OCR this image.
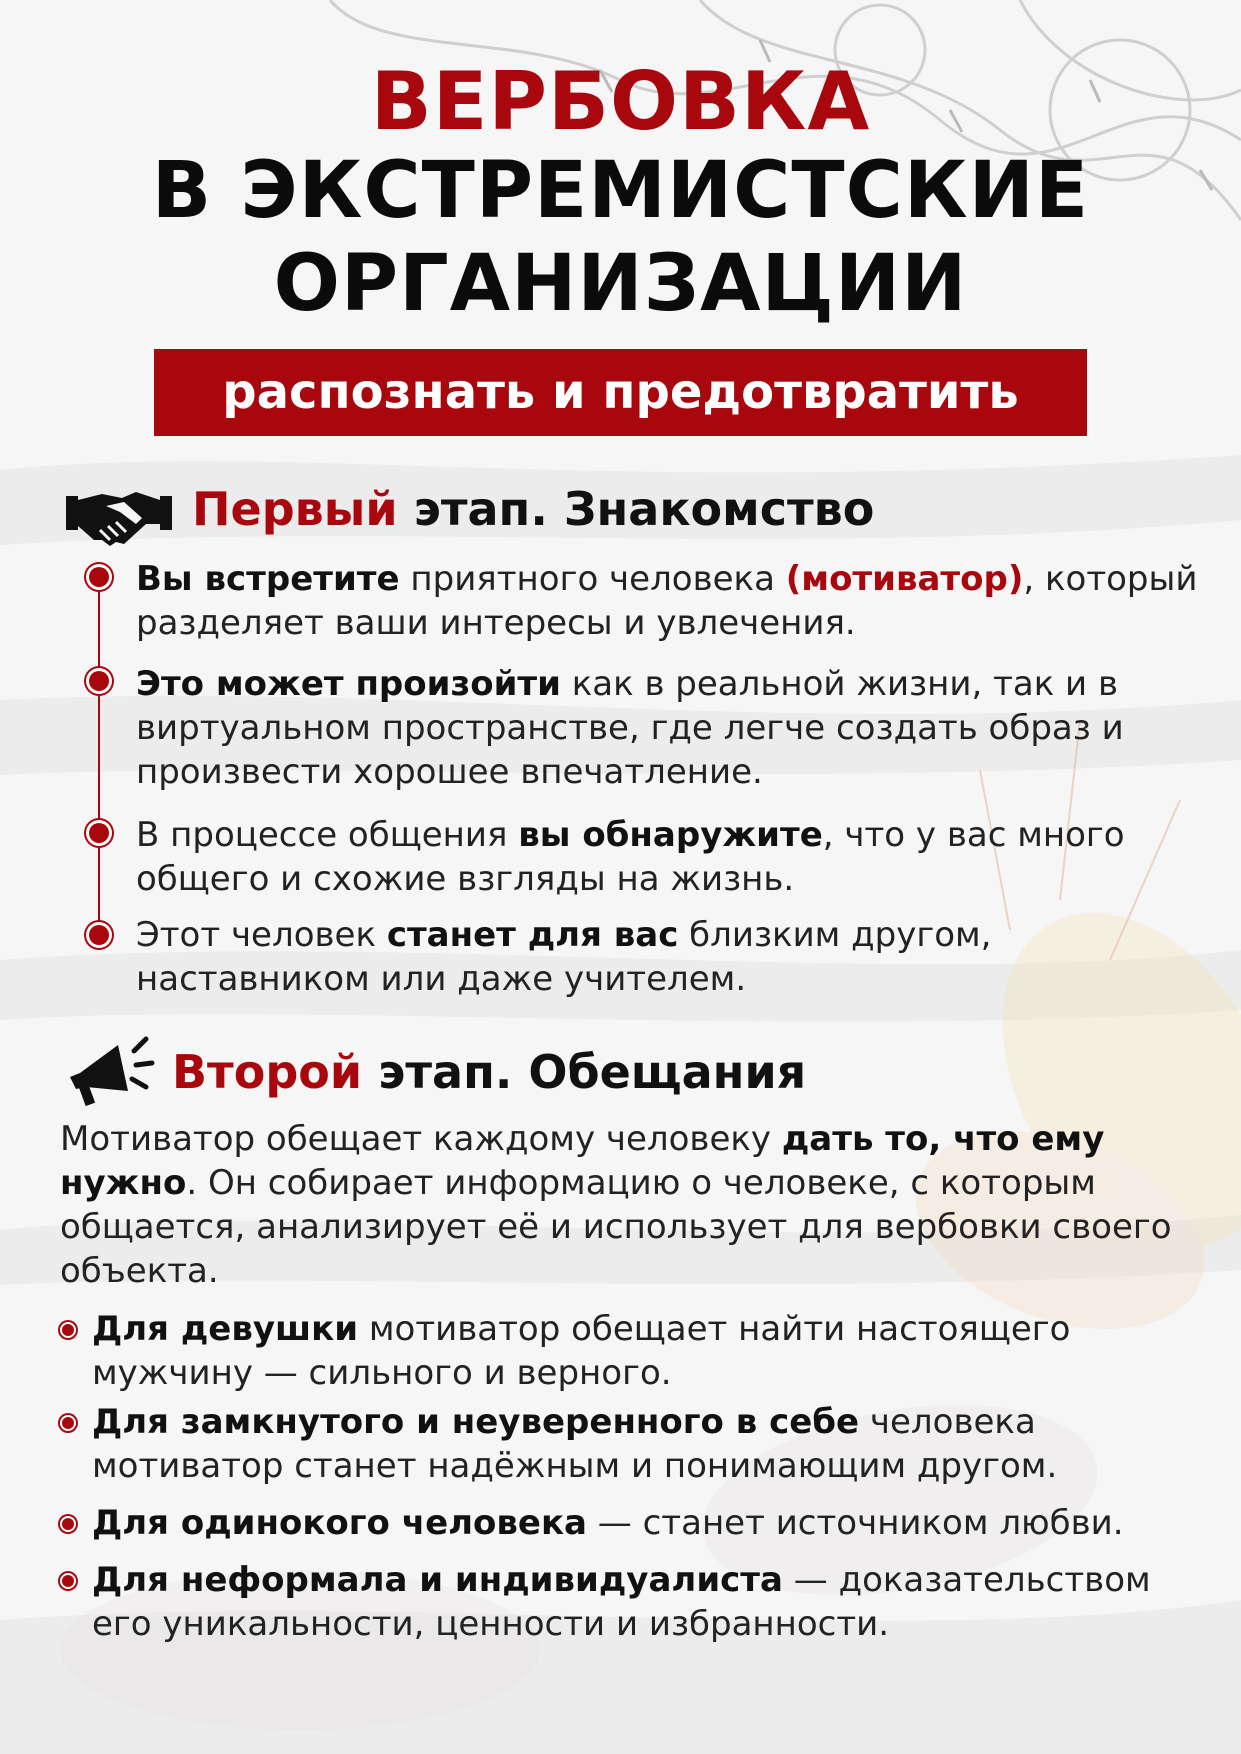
ВЕРБОВКА
В ЭКСТРЕМИСТСКИЕ
ОРГАНИЗАЦИИ
распознать и предотвратить
Первый этап. Знакомство
Вы встретите приятного человека (мотиватор), который разделяет ваши интересы и увлечения.
Это может произойти как в реальной жизни, так и в виртуальном пространстве, где легче создать образ и произвести хорошее впечатление.
В процессе общения вы обнаружите, что у вас много общего и схожие взгляды на жизнь.
Этот человек станет для вас близким другом, наставником или даже учителем.
Второй этап. Обещания
Мотиватор обещает каждому человеку дать то, что ему нужно. Он собирает информацию о человеке, с которым общается, анализирует её и использует для вербовки своего объекта.
Для девушки мотиватор обещает найти настоящего мужчину — сильного и верного.
Для замкнутого и неуверенного в себе человека мотиватор станет надёжным и понимающим другом.
Для одинокого человека — станет источником любви.
Для неформала и индивидуалиста — доказательством его уникальности, ценности и избранности.
